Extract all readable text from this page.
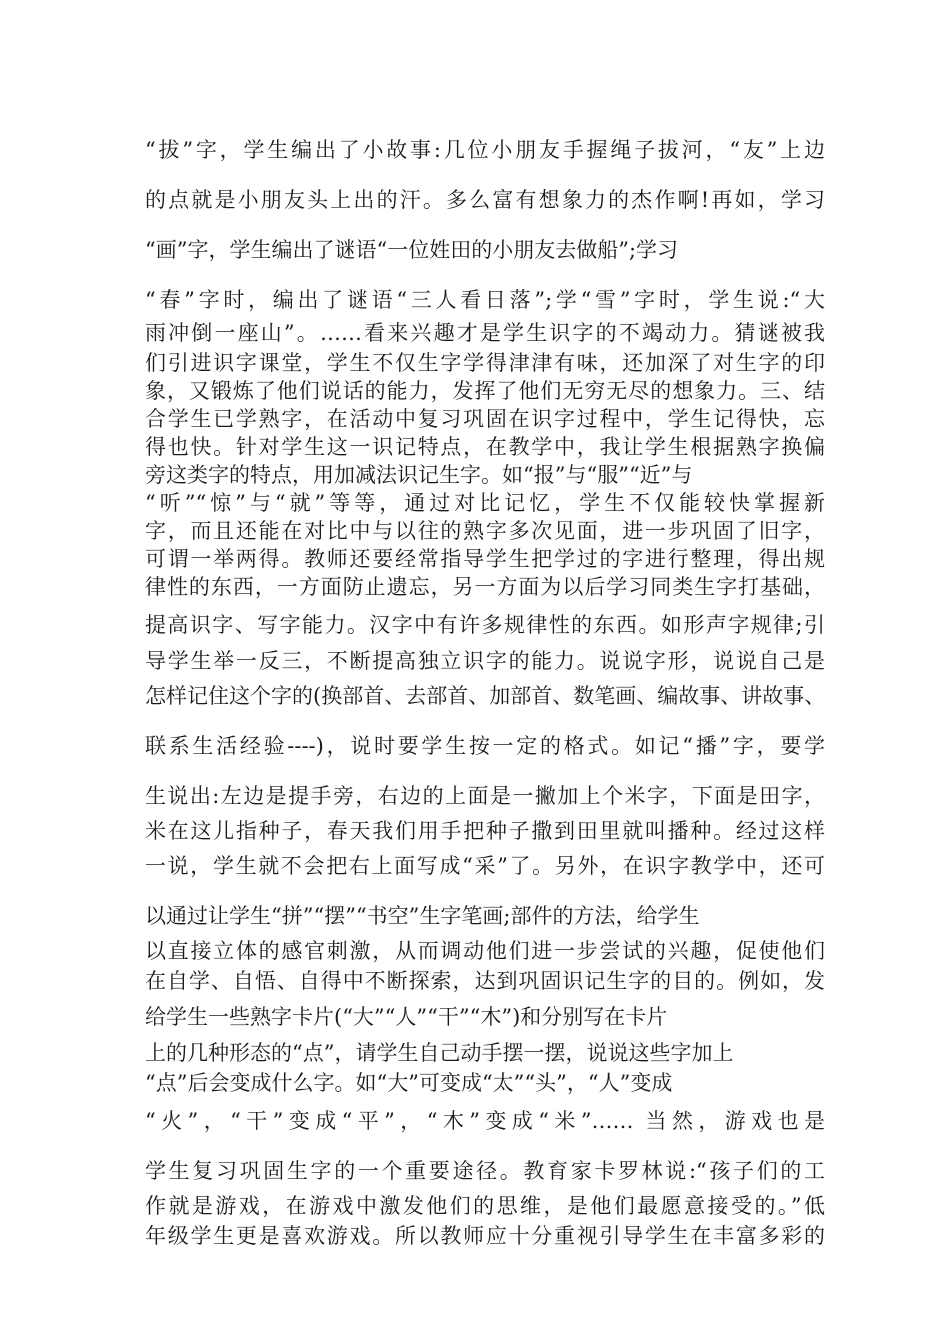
“拔”字，学生编出了小故事:几位小朋友手握绳子拔河，“友”上边
的点就是小朋友头上出的汗。多么富有想象力的杰作啊!再如，学习
“画”字，学生编出了谜语“一位姓田的小朋友去做船”;学习
“春”字时，编出了谜语“三人看日落”;学“雪”字时，学生说:“大
雨冲倒一座山”。……看来兴趣才是学生识字的不竭动力。猜谜被我
们引进识字课堂，学生不仅生字学得津津有味，还加深了对生字的印
象，又锻炼了他们说话的能力，发挥了他们无穷无尽的想象力。三、结
合学生已学熟字，在活动中复习巩固在识字过程中，学生记得快，忘
得也快。针对学生这一识记特点，在教学中，我让学生根据熟字换偏
旁这类字的特点，用加减法识记生字。如“报”与“服”“近”与
“听”“惊”与“就”等等，通过对比记忆，学生不仅能较快掌握新
字，而且还能在对比中与以往的熟字多次见面，进一步巩固了旧字，
可谓一举两得。教师还要经常指导学生把学过的字进行整理，得出规
律性的东西，一方面防止遗忘，另一方面为以后学习同类生字打基础，
提高识字、写字能力。汉字中有许多规律性的东西。如形声字规律;引
导学生举一反三，不断提高独立识字的能力。说说字形，说说自己是
怎样记住这个字的(换部首、去部首、加部首、数笔画、编故事、讲故事、
联系生活经验----)，说时要学生按一定的格式。如记“播”字，要学
生说出:左边是提手旁，右边的上面是一撇加上个米字，下面是田字，
米在这儿指种子，春天我们用手把种子撒到田里就叫播种。经过这样
一说，学生就不会把右上面写成“采”了。另外，在识字教学中，还可
以通过让学生“拼”“摆”“书空”生字笔画;部件的方法，给学生
以直接立体的感官刺激，从而调动他们进一步尝试的兴趣，促使他们
在自学、自悟、自得中不断探索，达到巩固识记生字的目的。例如，发
给学生一些熟字卡片(“大”“人”“干”“木”)和分别写在卡片
上的几种形态的“点”，请学生自己动手摆一摆，说说这些字加上
“点”后会变成什么字。如“大”可变成“太”“头”，“人”变成
“火”，“干”变成“平”，“木”变成“米”…… 当然，游戏也是
学生复习巩固生字的一个重要途径。教育家卡罗林说:“孩子们的工
作就是游戏，在游戏中激发他们的思维，是他们最愿意接受的。”低
年级学生更是喜欢游戏。所以教师应十分重视引导学生在丰富多彩的
